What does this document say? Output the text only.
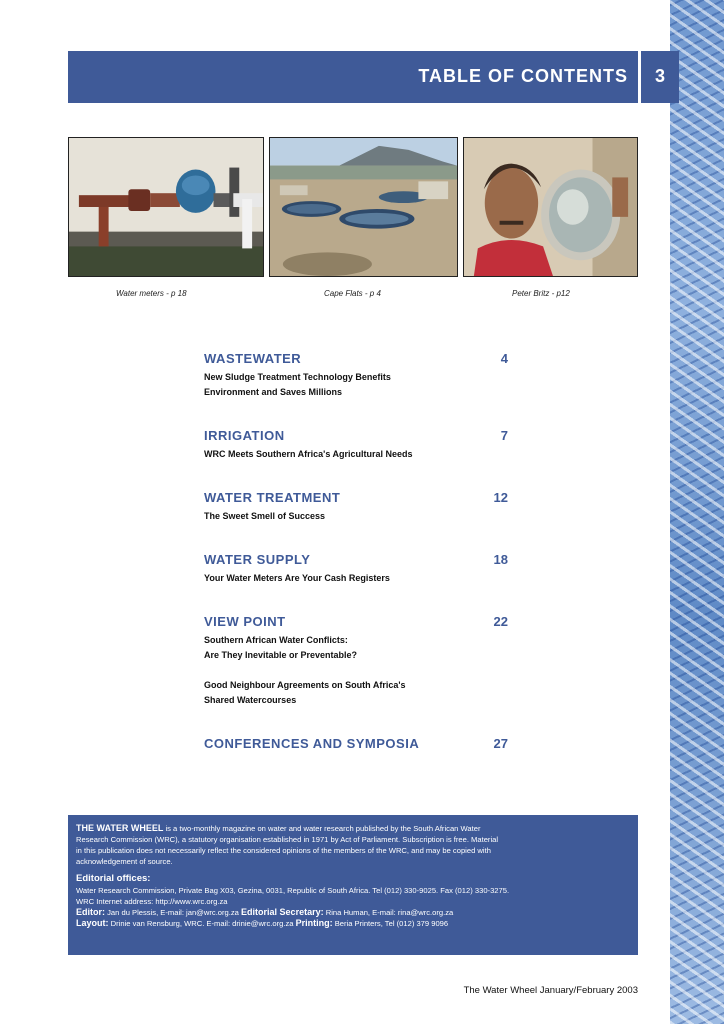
TABLE OF CONTENTS	3
Water meters - p 18	Cape Flats - p 4	Peter Britz - p12
WASTEWATER	4
New Sludge Treatment Technology Benefits
Environment and Saves Millions
IRRIGATION	7
WRC Meets Southern Africa's Agricultural Needs
WATER TREATMENT	12
The Sweet Smell of Success
WATER SUPPLY	18
Your Water Meters Are Your Cash Registers
VIEW POINT	22
Southern African Water Conflicts:
Are They Inevitable or Preventable?
Good Neighbour Agreements on South Africa's
Shared Watercourses
CONFERENCES AND SYMPOSIA	27

THE WATER WHEEL is a two-monthly magazine on water and water research published by the South African Water
Research Commission (WRC), a statutory organisation established in 1971 by Act of Parliament. Subscription is free. Material
in this publication does not necessarily reflect the considered opinions of the members of the WRC, and may be copied with
acknowledgement of source.

Editorial offices:

Water Research Commission, Private Bag X03, Gezina, 0031, Republic of South Africa. Tel (012) 330-9025. Fax (012) 330-3275.
WRC Internet address: http://www.wrc.org.za

Editor: Jan du Plessis, E-mail: jan@wrc.org.za Editorial Secretary: Rina Human, E-mail: rina@wrc.org.za

Layout: Drinie van Rensburg, WRC. E-mail: drinie@wrc.org.za Printing: Beria Printers, Tel (012) 379 9096

The Water Wheel January/February 2003
